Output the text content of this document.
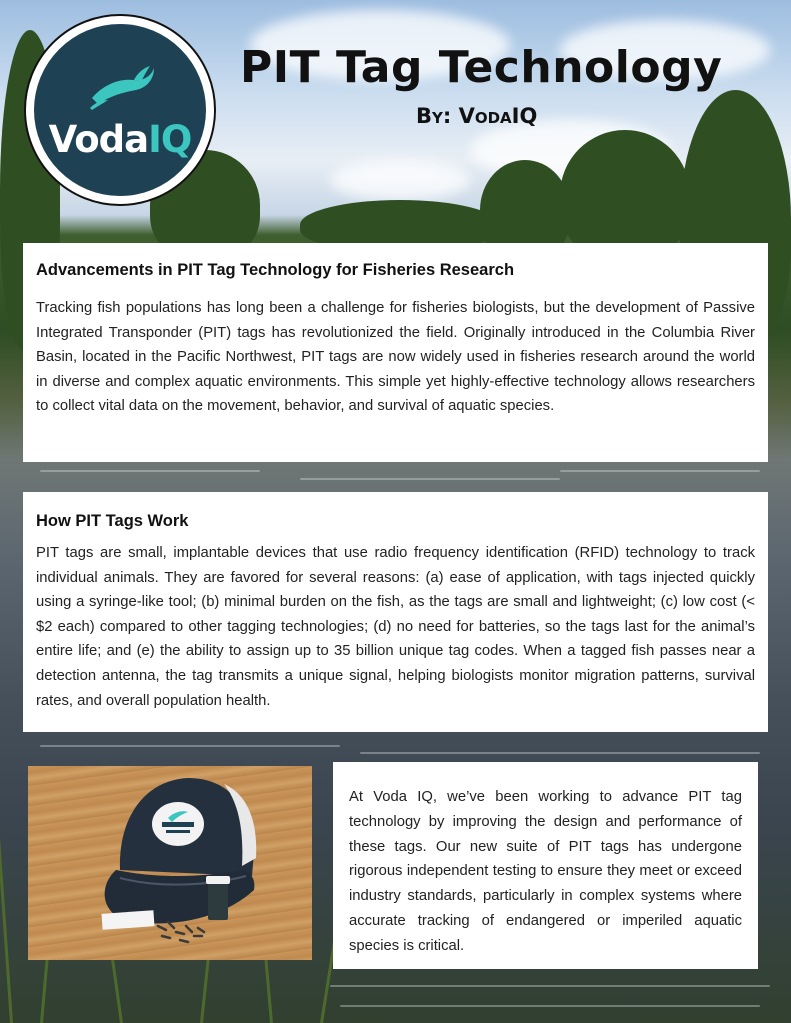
VodaIQ
PIT Tag Technology
By: VodaIQ
Advancements in PIT Tag Technology for Fisheries Research

Tracking fish populations has long been a challenge for fisheries biologists, but the development of Passive Integrated Transponder (PIT) tags has revolutionized the field. Originally introduced in the Columbia River Basin, located in the Pacific Northwest, PIT tags are now widely used in fisheries research around the world in diverse and complex aquatic environments. This simple yet highly-effective technology allows researchers to collect vital data on the movement, behavior, and survival of aquatic species.

How PIT Tags Work

PIT tags are small, implantable devices that use radio frequency identification (RFID) technology to track individual animals. They are favored for several reasons: (a) ease of application, with tags injected quickly using a syringe-like tool; (b) minimal burden on the fish, as the tags are small and lightweight; (c) low cost (< $2 each) compared to other tagging technologies; (d) no need for batteries, so the tags last for the animal’s entire life; and (e) the ability to assign up to 35 billion unique tag codes. When a tagged fish passes near a detection antenna, the tag transmits a unique signal, helping biologists monitor migration patterns, survival rates, and overall population health.

At Voda IQ, we’ve been working to advance PIT tag technology by improving the design and performance of these tags. Our new suite of PIT tags has undergone rigorous independent testing to ensure they meet or exceed industry standards, particularly in complex systems where accurate tracking of endangered or imperiled aquatic species is critical.
